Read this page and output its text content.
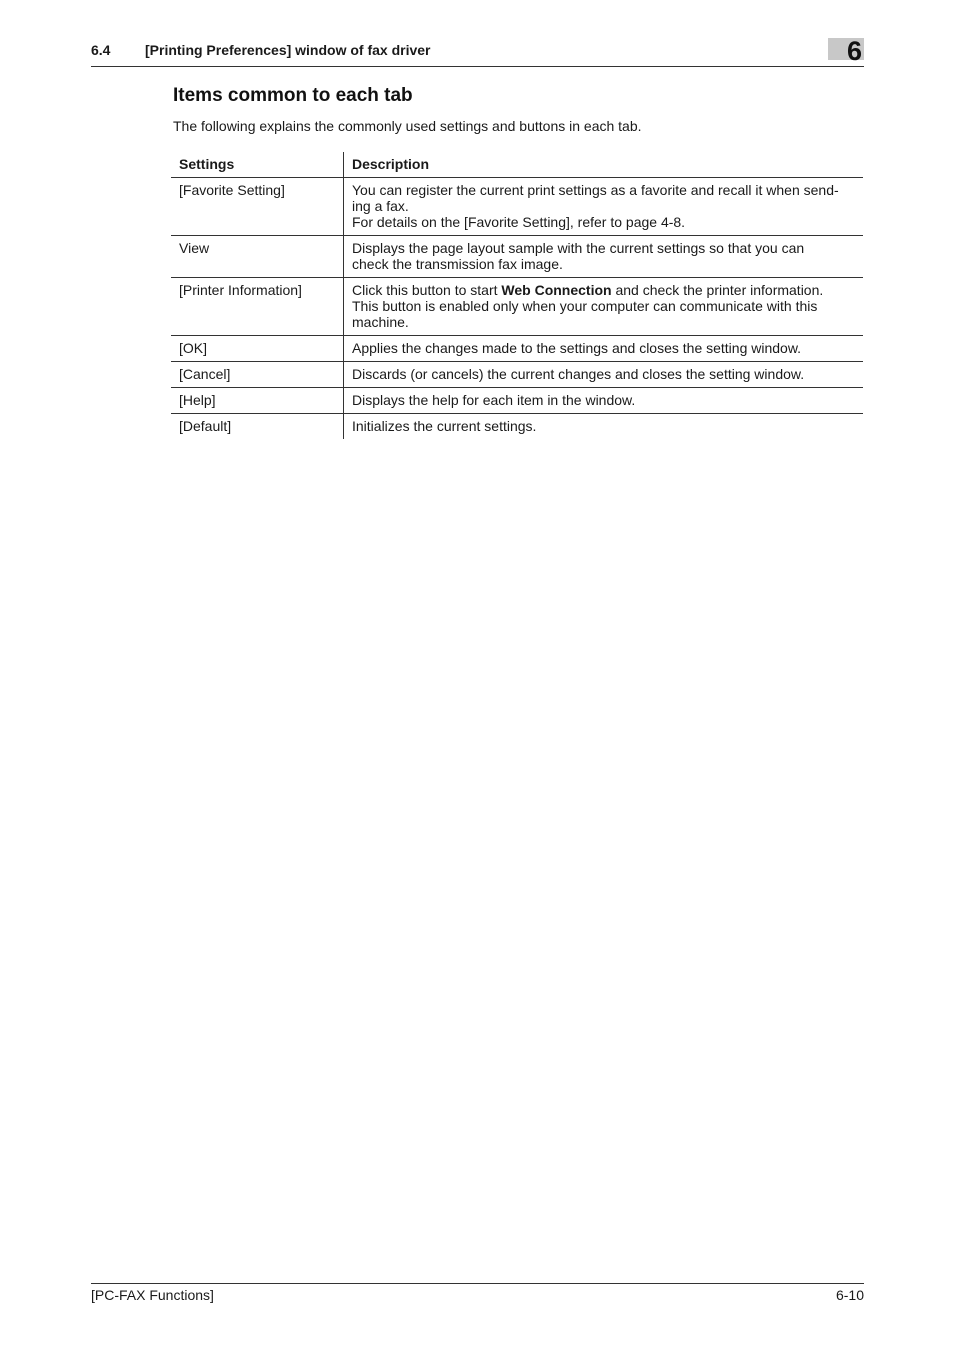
6.4 [Printing Preferences] window of fax driver	6
Items common to each tab

The following explains the commonly used settings and buttons in each tab.

Settings	Description
[Favorite Setting]	You can register the current print settings as a favorite and recall it when send-
ing a fax.
For details on the [Favorite Setting], refer to page 4-8.

View	Displays the page layout sample with the current settings so that you can
check the transmission fax image.

[Printer Information]	Click this button to start Web Connection and check the printer information.
This button is enabled only when your computer can communicate with this
machine.

[OK]	Applies the changes made to the settings and closes the setting window.

[Cancel]	Discards (or cancels) the current changes and closes the setting window.

[Help]	Displays the help for each item in the window.

[Default]	Initializes the current settings.
[PC-FAX Functions]	6-10
